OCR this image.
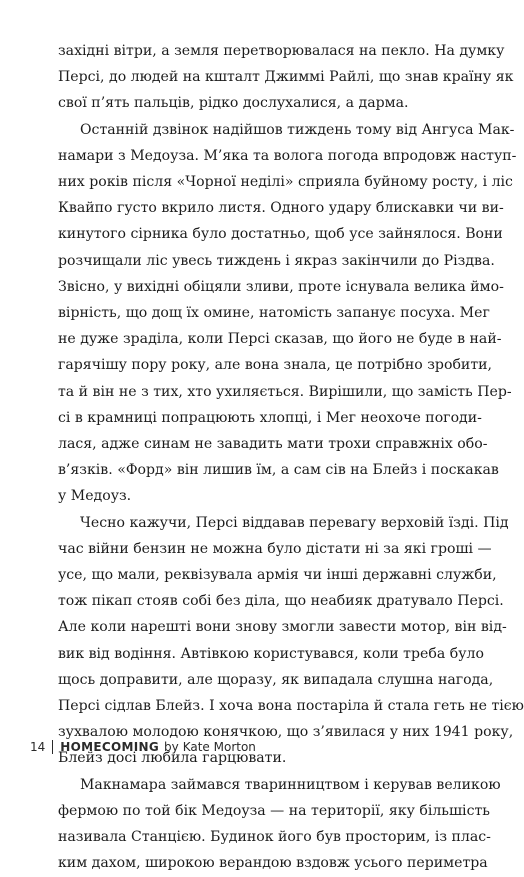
західні вітри, а земля перетворювалася на пекло. На думку
Персі, до людей на кшталт Джиммі Райлі, що знав країну як
свої п’ять пальців, рідко дослухалися, а дарма.
Останній дзвінок надійшов тиждень тому від Ангуса Мак-
намари з Медоуза. М’яка та волога погода впродовж наступ-
них років після «Чорної неділі» сприяла буйному росту, і ліс
Квайпо густо вкрило листя. Одного удару блискавки чи ви-
кинутого сірника було достатньо, щоб усе зайнялося. Вони
розчищали ліс увесь тиждень і якраз закінчили до Різдва.
Звісно, у вихідні обіцяли зливи, проте існувала велика ймо-
вірність, що дощ їх омине, натомість запанує посуха. Мег
не дуже зраділа, коли Персі сказав, що його не буде в най-
гарячішу пору року, але вона знала, це потрібно зробити,
та й він не з тих, хто ухиляється. Вирішили, що замість Пер-
сі в крамниці попрацюють хлопці, і Мег неохоче погоди-
лася, адже синам не завадить мати трохи справжніх обо-
в’язків. «Форд» він лишив їм, а сам сів на Блейз і поскакав
у Медоуз.
Чесно кажучи, Персі віддавав перевагу верховій їзді. Під
час війни бензин не можна було дістати ні за які гроші —
усе, що мали, реквізувала армія чи інші державні служби,
тож пікап стояв собі без діла, що неабияк дратувало Персі.
Але коли нарешті вони знову змогли завести мотор, він від-
вик від водіння. Автівкою користувався, коли треба було
щось доправити, але щоразу, як випадала слушна нагода,
Персі сідлав Блейз. І хоча вона постаріла й стала геть не тією
зухвалою молодою конячкою, що з’явилася у них 1941 року,
Блейз досі любила гарцювати.
Макнамара займався тваринництвом і керував великою
фермою по той бік Медоуза — на території, яку більшість
називала Станцією. Будинок його був просторим, із плас-
ким дахом, широкою верандою вздовж усього периметра
14 HOMECOMING by Kate Morton
